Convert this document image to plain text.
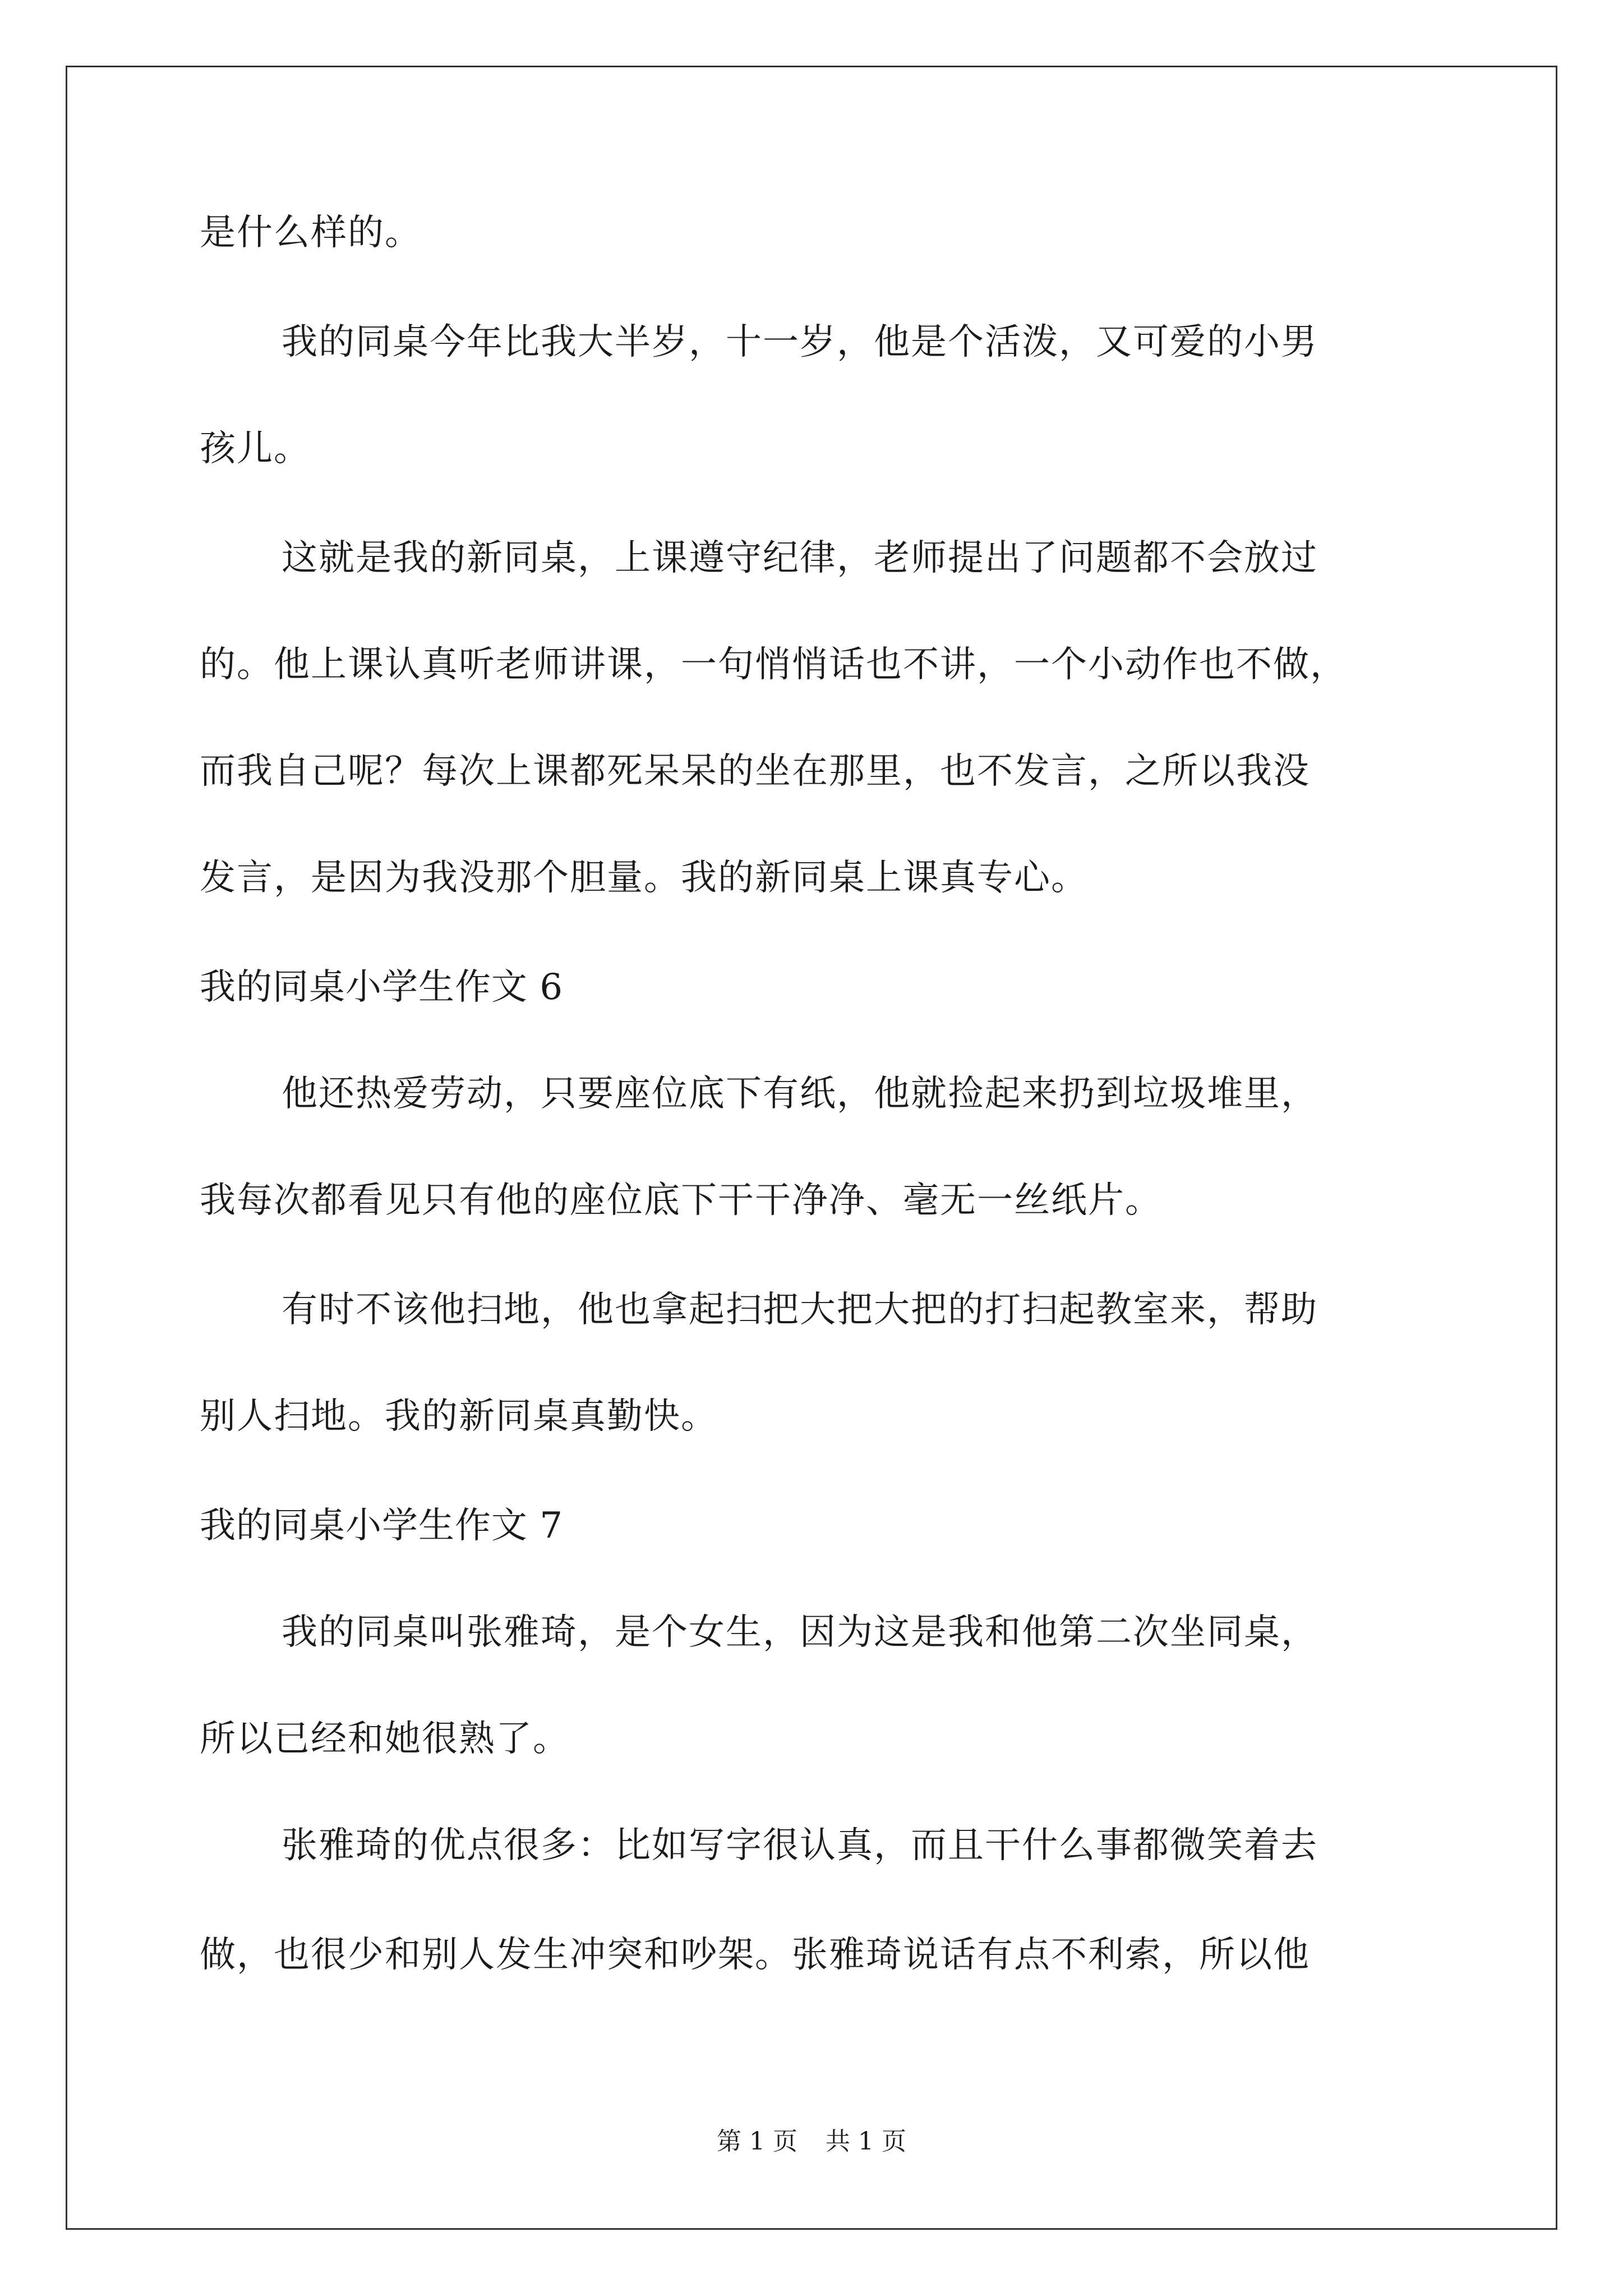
是什么样的。
我的同桌今年比我大半岁，十一岁，他是个活泼，又可爱的小男
孩儿。
这就是我的新同桌，上课遵守纪律，老师提出了问题都不会放过
的。他上课认真听老师讲课，一句悄悄话也不讲，一个小动作也不做，
而我自己呢？每次上课都死呆呆的坐在那里，也不发言，之所以我没
发言，是因为我没那个胆量。我的新同桌上课真专心。
我的同桌小学生作文 6
他还热爱劳动，只要座位底下有纸，他就捡起来扔到垃圾堆里，
我每次都看见只有他的座位底下干干净净、毫无一丝纸片。
有时不该他扫地，他也拿起扫把大把大把的打扫起教室来，帮助
别人扫地。我的新同桌真勤快。
我的同桌小学生作文 7
我的同桌叫张雅琦，是个女生，因为这是我和他第二次坐同桌，
所以已经和她很熟了。
张雅琦的优点很多：比如写字很认真，而且干什么事都微笑着去
做，也很少和别人发生冲突和吵架。张雅琦说话有点不利索，所以他
第 1 页 共 1 页
